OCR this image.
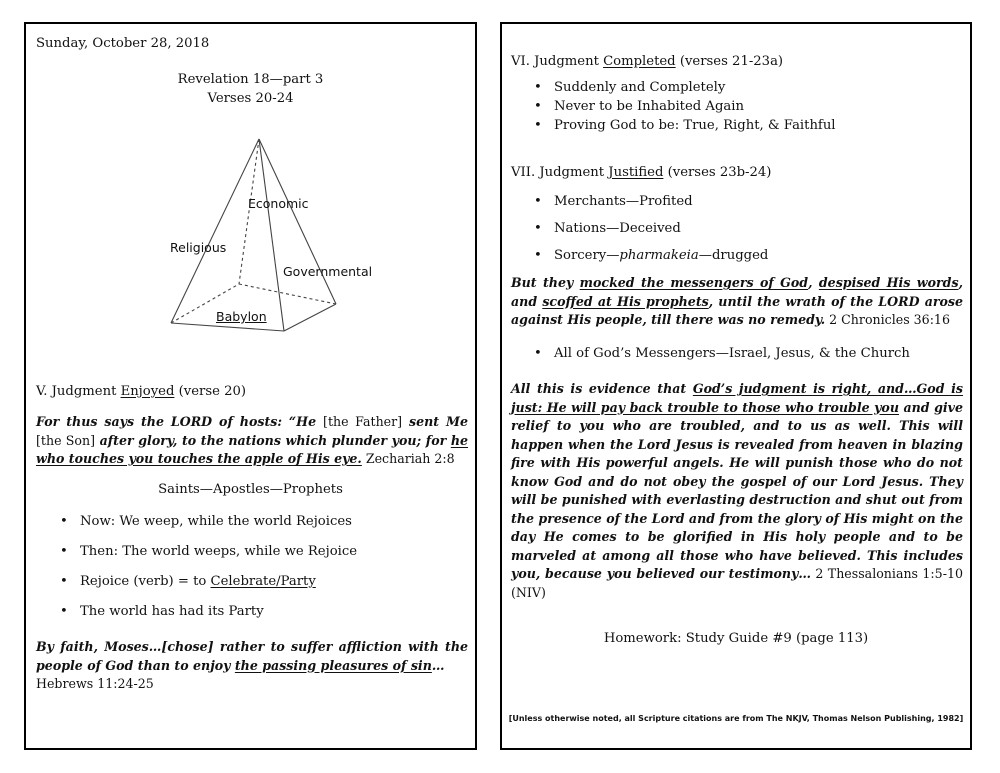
Sunday, October 28, 2018
Revelation 18—part 3
Verses 20-24
Economic
Religious
Governmental
Babylon
V. Judgment Enjoyed (verse 20)
For thus says the LORD of hosts: “He [the Father] sent Me [the Son] after glory, to the nations which plunder you; for he who touches you touches the apple of His eye. Zechariah 2:8
Saints—Apostles—Prophets
• Now: We weep, while the world Rejoices
• Then: The world weeps, while we Rejoice
• Rejoice (verb) = to Celebrate/Party
• The world has had its Party
By faith, Moses…[chose] rather to suffer affliction with the people of God than to enjoy the passing pleasures of sin…
Hebrews 11:24-25
VI. Judgment Completed (verses 21-23a)
• Suddenly and Completely
• Never to be Inhabited Again
• Proving God to be: True, Right, & Faithful
VII. Judgment Justified (verses 23b-24)
• Merchants—Profited
• Nations—Deceived
• Sorcery—pharmakeia—drugged
But they mocked the messengers of God, despised His words, and scoffed at His prophets, until the wrath of the LORD arose against His people, till there was no remedy. 2 Chronicles 36:16
• All of God’s Messengers—Israel, Jesus, & the Church
All this is evidence that God’s judgment is right, and…God is just: He will pay back trouble to those who trouble you and give relief to you who are troubled, and to us as well. This will happen when the Lord Jesus is revealed from heaven in blazing fire with His powerful angels. He will punish those who do not know God and do not obey the gospel of our Lord Jesus. They will be punished with everlasting destruction and shut out from the presence of the Lord and from the glory of His might on the day He comes to be glorified in His holy people and to be marveled at among all those who have believed. This includes you, because you believed our testimony… 2 Thessalonians 1:5-10 (NIV)
Homework: Study Guide #9 (page 113)
[Unless otherwise noted, all Scripture citations are from The NKJV, Thomas Nelson Publishing, 1982]
